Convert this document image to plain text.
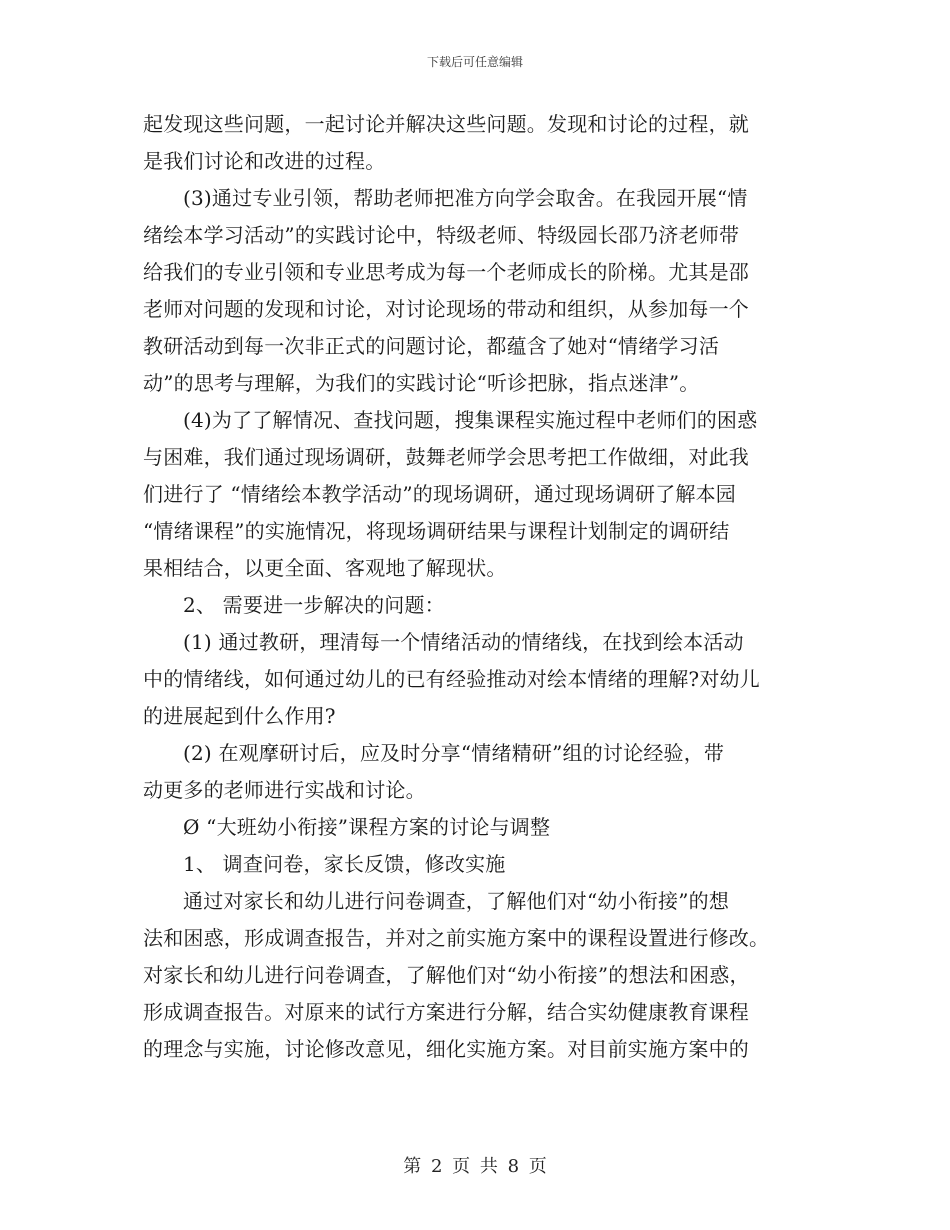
下载后可任意编辑
起发现这些问题，一起讨论并解决这些问题。发现和讨论的过程，就
是我们讨论和改进的过程。
(3)通过专业引领，帮助老师把准方向学会取舍。在我园开展“情
绪绘本学习活动”的实践讨论中，特级老师、特级园长邵乃济老师带
给我们的专业引领和专业思考成为每一个老师成长的阶梯。尤其是邵
老师对问题的发现和讨论，对讨论现场的带动和组织，从参加每一个
教研活动到每一次非正式的问题讨论，都蕴含了她对“情绪学习活
动”的思考与理解，为我们的实践讨论“听诊把脉，指点迷津”。
(4)为了了解情况、查找问题，搜集课程实施过程中老师们的困惑
与困难，我们通过现场调研，鼓舞老师学会思考把工作做细，对此我
们进行了 “情绪绘本教学活动”的现场调研，通过现场调研了解本园
“情绪课程”的实施情况，将现场调研结果与课程计划制定的调研结
果相结合，以更全面、客观地了解现状。
2、 需要进一步解决的问题：
(1) 通过教研，理清每一个情绪活动的情绪线，在找到绘本活动
中的情绪线，如何通过幼儿的已有经验推动对绘本情绪的理解?对幼儿
的进展起到什么作用?
(2) 在观摩研讨后，应及时分享“情绪精研”组的讨论经验，带
动更多的老师进行实战和讨论。
Ø “大班幼小衔接”课程方案的讨论与调整
1、 调查问卷，家长反馈，修改实施
通过对家长和幼儿进行问卷调查，了解他们对“幼小衔接”的想
法和困惑，形成调查报告，并对之前实施方案中的课程设置进行修改。
对家长和幼儿进行问卷调查，了解他们对“幼小衔接”的想法和困惑，
形成调查报告。对原来的试行方案进行分解，结合实幼健康教育课程
的理念与实施，讨论修改意见，细化实施方案。对目前实施方案中的
第 2 页 共 8 页
